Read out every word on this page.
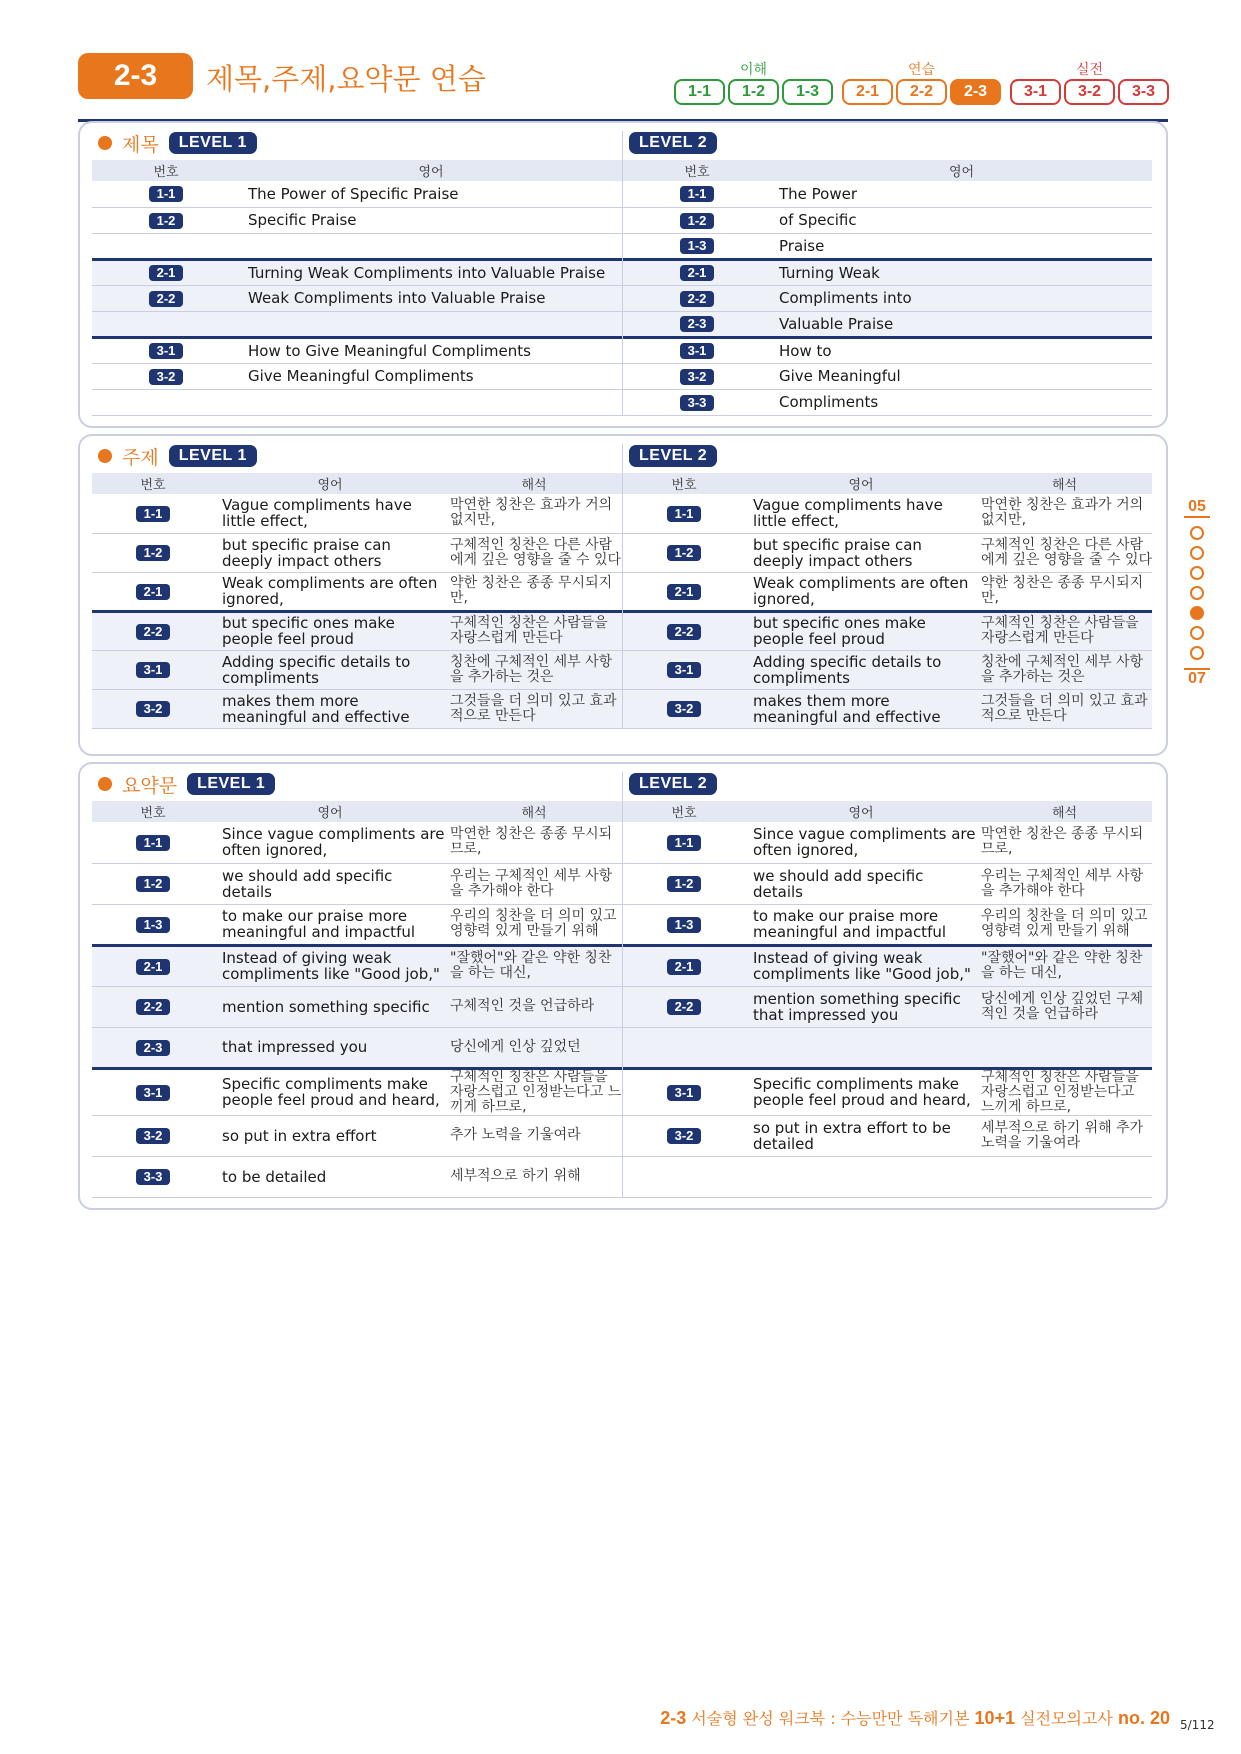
2-3	제목,주제,요약문 연습	이해
1-1	1-2	1-3
연습
2-1	2-2	2-3
실전
3-1	3-2	3-3
제목	LEVEL 1
번호	영어
1-1	The Power of Specific Praise
1-2	Specific Praise

2-1	Turning Weak Compliments into Valuable Praise
2-2	Weak Compliments into Valuable Praise

3-1	How to Give Meaningful Compliments
3-2	Give Meaningful Compliments

LEVEL 2
번호	영어
1-1	The Power
1-2	of Specific
1-3	Praise
2-1	Turning Weak
2-2	Compliments into
2-3	Valuable Praise
3-1	How to
3-2	Give Meaningful
3-3	Compliments
주제	LEVEL 1
번호	영어	해석
1-1	Vague compliments have little effect,	막연한 칭찬은 효과가 거의 없지만,
1-2	but specific praise can deeply impact others	구체적인 칭찬은 다른 사람에게 깊은 영향을 줄 수 있다
2-1	Weak compliments are often ignored,	약한 칭찬은 종종 무시되지만,
2-2	but specific ones make people feel proud	구체적인 칭찬은 사람들을 자랑스럽게 만든다
3-1	Adding specific details to compliments	칭찬에 구체적인 세부 사항을 추가하는 것은
3-2	makes them more meaningful and effective	그것들을 더 의미 있고 효과적으로 만든다
LEVEL 2
번호	영어	해석
1-1	Vague compliments have little effect,	막연한 칭찬은 효과가 거의 없지만,
1-2	but specific praise can deeply impact others	구체적인 칭찬은 다른 사람에게 깊은 영향을 줄 수 있다
2-1	Weak compliments are often ignored,	약한 칭찬은 종종 무시되지만,
2-2	but specific ones make people feel proud	구체적인 칭찬은 사람들을 자랑스럽게 만든다
3-1	Adding specific details to compliments	칭찬에 구체적인 세부 사항을 추가하는 것은
3-2	makes them more meaningful and effective	그것들을 더 의미 있고 효과적으로 만든다
요약문	LEVEL 1
번호	영어	해석
1-1	Since vague compliments are often ignored,	막연한 칭찬은 종종 무시되므로,
1-2	we should add specific details	우리는 구체적인 세부 사항을 추가해야 한다
1-3	to make our praise more meaningful and impactful	우리의 칭찬을 더 의미 있고 영향력 있게 만들기 위해
2-1	Instead of giving weak compliments like "Good job,"	"잘했어"와 같은 약한 칭찬을 하는 대신,
2-2	mention something specific	구체적인 것을 언급하라
2-3	that impressed you	당신에게 인상 깊었던
3-1	Specific compliments make people feel proud and heard,	구체적인 칭찬은 사람들을 자랑스럽고 인정받는다고 느끼게 하므로,
3-2	so put in extra effort	추가 노력을 기울여라
3-3	to be detailed	세부적으로 하기 위해
LEVEL 2
번호	영어	해석
1-1	Since vague compliments are often ignored,	막연한 칭찬은 종종 무시되므로,
1-2	we should add specific details	우리는 구체적인 세부 사항을 추가해야 한다
1-3	to make our praise more meaningful and impactful	우리의 칭찬을 더 의미 있고 영향력 있게 만들기 위해
2-1	Instead of giving weak compliments like "Good job,"	"잘했어"와 같은 약한 칭찬을 하는 대신,
2-2	mention something specific that impressed you	당신에게 인상 깊었던 구체적인 것을 언급하라

3-1	Specific compliments make people feel proud and heard,	구체적인 칭찬은 사람들을 자랑스럽고 인정받는다고 느끼게 하므로,
3-2	so put in extra effort to be detailed	세부적으로 하기 위해 추가 노력을 기울여라

05
07
2-3 서술형 완성 워크북 : 수능만만 독해기본 10+1 실전모의고사 no. 20 5/112
